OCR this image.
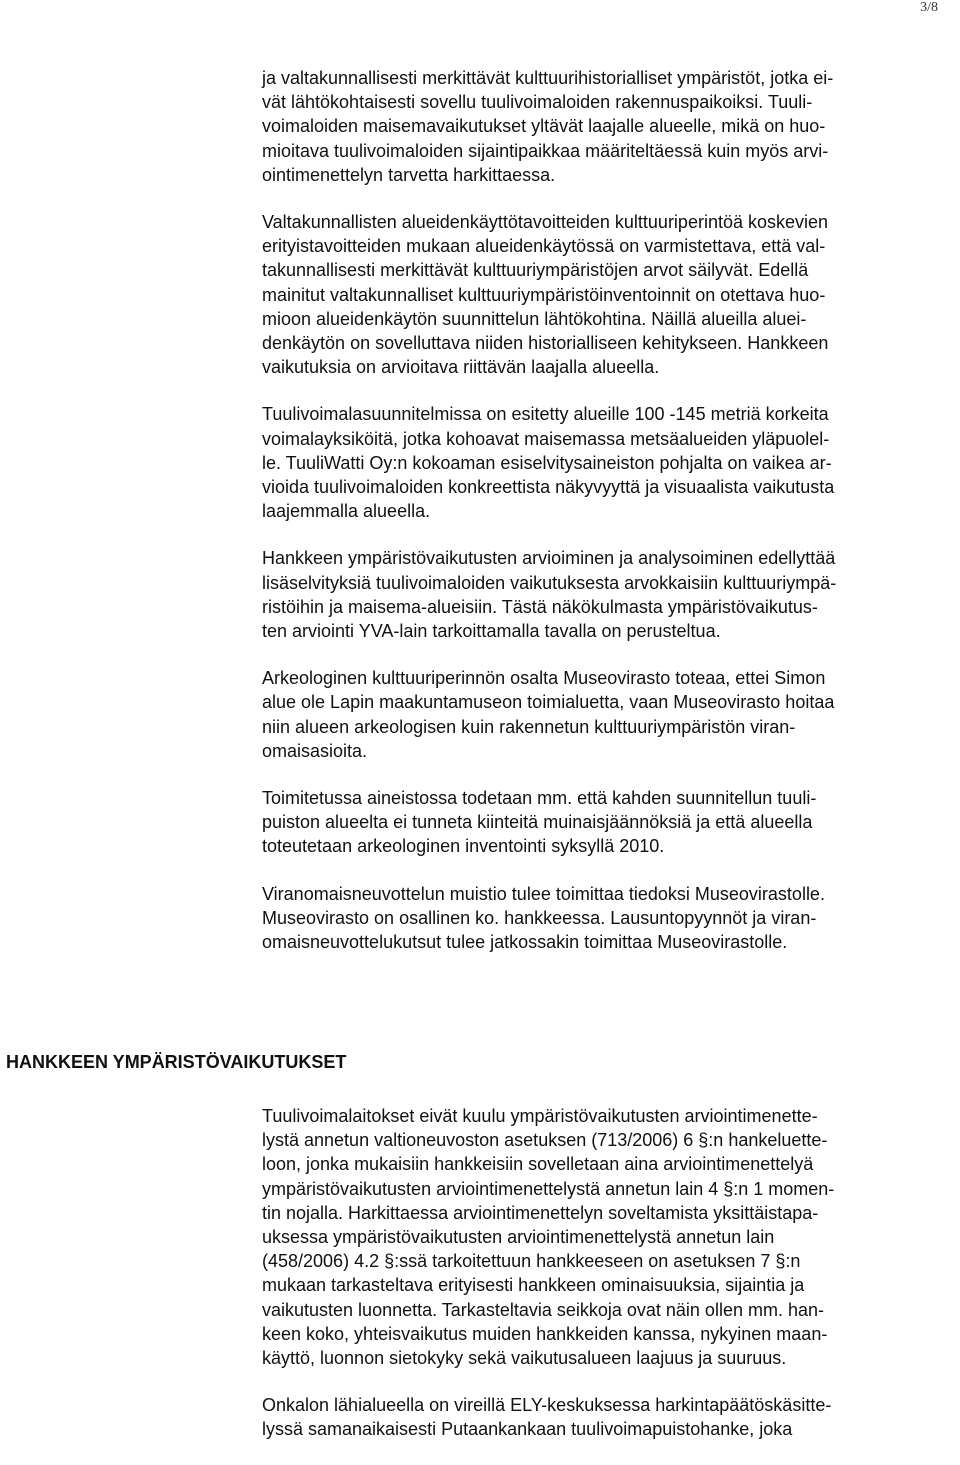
3/8

ja valtakunnallisesti merkittävät kulttuurihistorialliset ympäristöt, jotka ei-
vät lähtökohtaisesti sovellu tuulivoimaloiden rakennuspaikoiksi. Tuuli-
voimaloiden maisemavaikutukset yltävät laajalle alueelle, mikä on huo-
mioitava tuulivoimaloiden sijaintipaikkaa määriteltäessä kuin myös arvi-
ointimenettelyn tarvetta harkittaessa.

Valtakunnallisten alueidenkäyttötavoitteiden kulttuuriperintöä koskevien
erityistavoitteiden mukaan alueidenkäytössä on varmistettava, että val-
takunnallisesti merkittävät kulttuuriympäristöjen arvot säilyvät. Edellä
mainitut valtakunnalliset kulttuuriympäristöinventoinnit on otettava huo-
mioon alueidenkäytön suunnittelun lähtökohtina. Näillä alueilla aluei-
denkäytön on sovelluttava niiden historialliseen kehitykseen. Hankkeen
vaikutuksia on arvioitava riittävän laajalla alueella.

Tuulivoimalasuunnitelmissa on esitetty alueille 100 -145 metriä korkeita
voimalayksiköitä, jotka kohoavat maisemassa metsäalueiden yläpuolel-
le. TuuliWatti Oy:n kokoaman esiselvitysaineiston pohjalta on vaikea ar-
vioida tuulivoimaloiden konkreettista näkyvyyttä ja visuaalista vaikutusta
laajemmalla alueella.

Hankkeen ympäristövaikutusten arvioiminen ja analysoiminen edellyttää
lisäselvityksiä tuulivoimaloiden vaikutuksesta arvokkaisiin kulttuuriympä-
ristöihin ja maisema-alueisiin. Tästä näkökulmasta ympäristövaikutus-
ten arviointi YVA-lain tarkoittamalla tavalla on perusteltua.

Arkeologinen kulttuuriperinnön osalta Museovirasto toteaa, ettei Simon
alue ole Lapin maakuntamuseon toimialuetta, vaan Museovirasto hoitaa
niin alueen arkeologisen kuin rakennetun kulttuuriympäristön viran-
omaisasioita.

Toimitetussa aineistossa todetaan mm. että kahden suunnitellun tuuli-
puiston alueelta ei tunneta kiinteitä muinaisjäännöksiä ja että alueella
toteutetaan arkeologinen inventointi syksyllä 2010.

Viranomaisneuvottelun muistio tulee toimittaa tiedoksi Museovirastolle.
Museovirasto on osallinen ko. hankkeessa. Lausuntopyynnöt ja viran-
omaisneuvottelukutsut tulee jatkossakin toimittaa Museovirastolle.

HANKKEEN YMPÄRISTÖVAIKUTUKSET

Tuulivoimalaitokset eivät kuulu ympäristövaikutusten arviointimenette-
lystä annetun valtioneuvoston asetuksen (713/2006) 6 §:n hankeluette-
loon, jonka mukaisiin hankkeisiin sovelletaan aina arviointimenettelyä
ympäristövaikutusten arviointimenettelystä annetun lain 4 §:n 1 momen-
tin nojalla. Harkittaessa arviointimenettelyn soveltamista yksittäistapa-
uksessa ympäristövaikutusten arviointimenettelystä annetun lain
(458/2006) 4.2 §:ssä tarkoitettuun hankkeeseen on asetuksen 7 §:n
mukaan tarkasteltava erityisesti hankkeen ominaisuuksia, sijaintia ja
vaikutusten luonnetta. Tarkasteltavia seikkoja ovat näin ollen mm. han-
keen koko, yhteisvaikutus muiden hankkeiden kanssa, nykyinen maan-
käyttö, luonnon sietokyky sekä vaikutusalueen laajuus ja suuruus.

Onkalon lähialueella on vireillä ELY-keskuksessa harkintapäätöskäsitte-
lyssä samanaikaisesti Putaankankaan tuulivoimapuistohanke, joka
